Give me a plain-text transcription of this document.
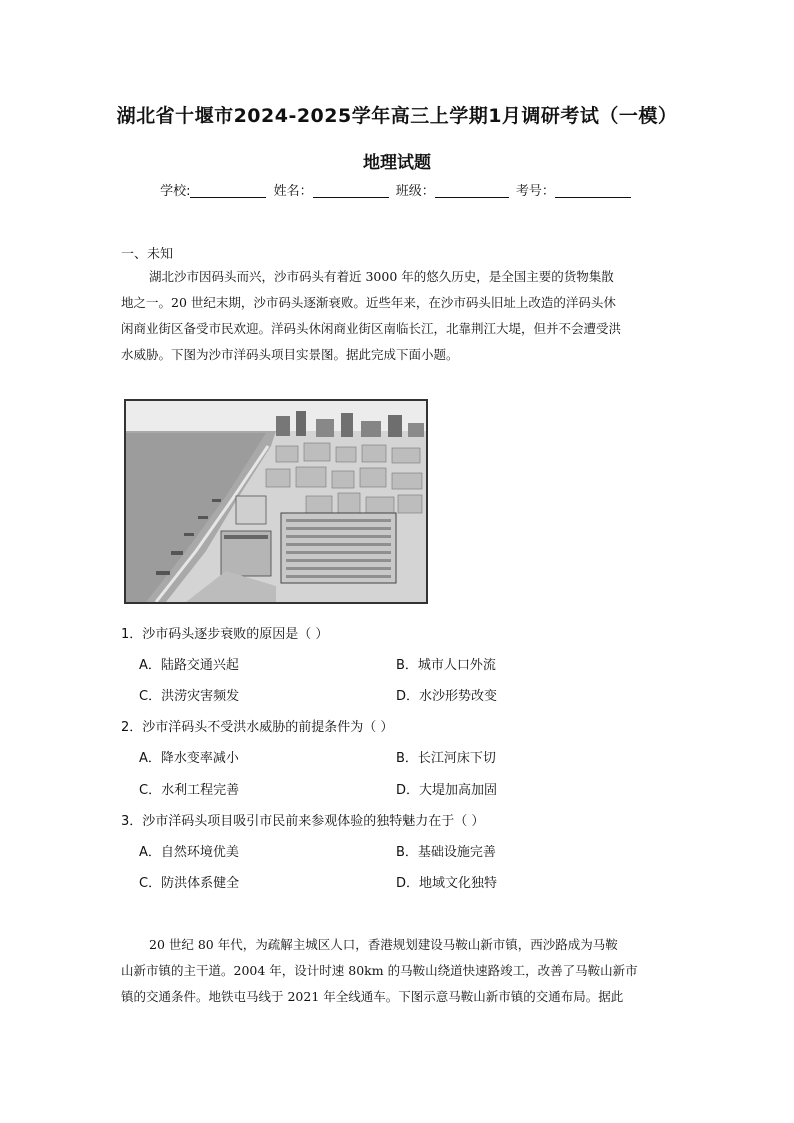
湖北省十堰市2024-2025学年高三上学期1月调研考试（一模）
地理试题
学校:	姓名：	班级：	考号：
一、未知
湖北沙市因码头而兴，沙市码头有着近 3000 年的悠久历史，是全国主要的货物集散
地之一。20 世纪末期，沙市码头逐渐衰败。近些年来，在沙市码头旧址上改造的洋码头休
闲商业街区备受市民欢迎。洋码头休闲商业街区南临长江，北靠荆江大堤，但并不会遭受洪
水威胁。下图为沙市洋码头项目实景图。据此完成下面小题。
1．沙市码头逐步衰败的原因是（ ）
A．陆路交通兴起	B．城市人口外流
C．洪涝灾害频发	D．水沙形势改变
2．沙市洋码头不受洪水威胁的前提条件为（ ）
A．降水变率减小	B．长江河床下切
C．水利工程完善	D．大堤加高加固
3．沙市洋码头项目吸引市民前来参观体验的独特魅力在于（ ）
A．自然环境优美	B．基础设施完善
C．防洪体系健全	D．地域文化独特
20 世纪 80 年代，为疏解主城区人口，香港规划建设马鞍山新市镇，西沙路成为马鞍
山新市镇的主干道。2004 年，设计时速 80km 的马鞍山绕道快速路竣工，改善了马鞍山新市
镇的交通条件。地铁屯马线于 2021 年全线通车。下图示意马鞍山新市镇的交通布局。据此
